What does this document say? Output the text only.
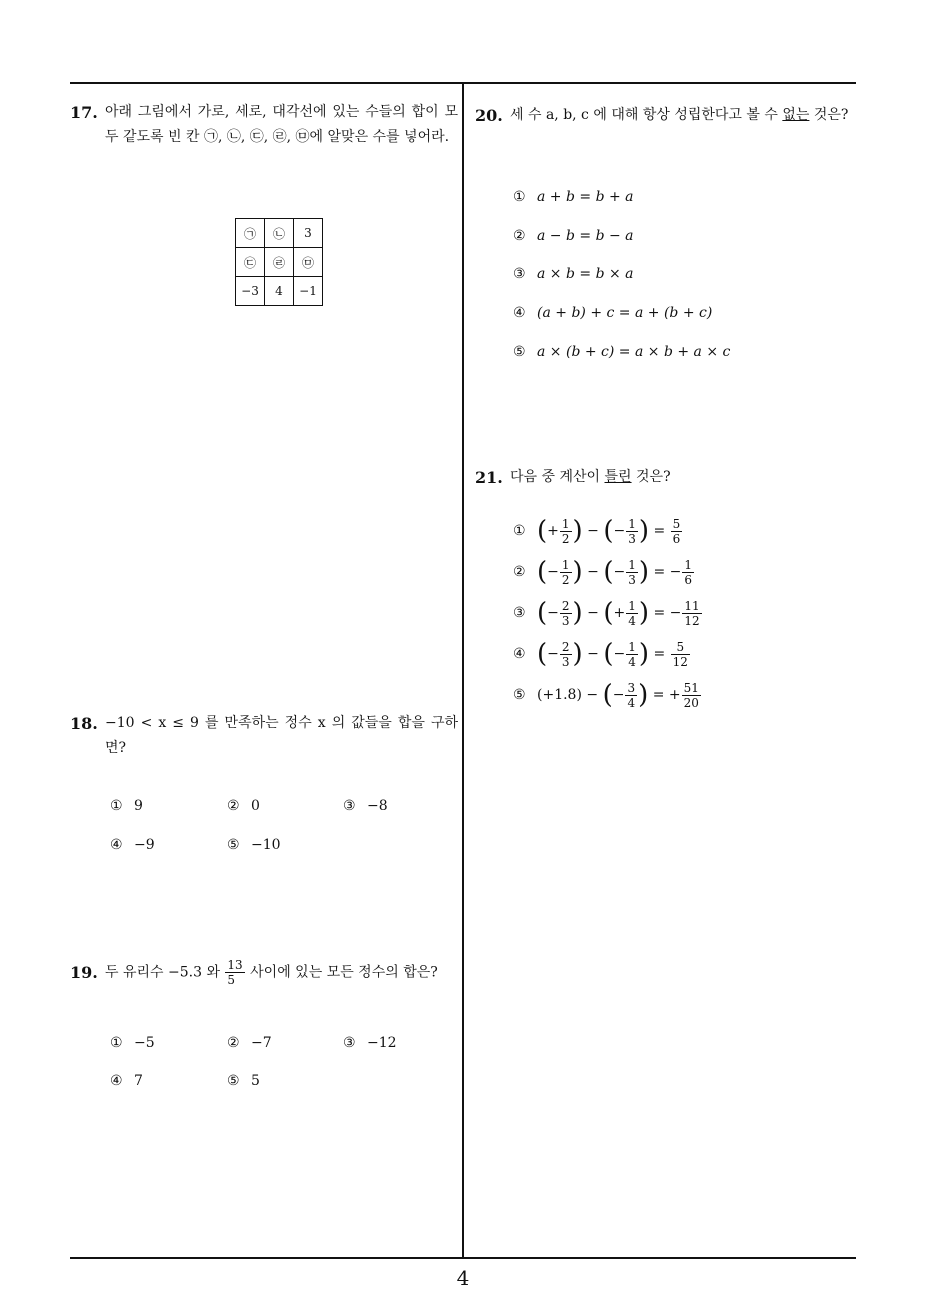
17. 아래 그림에서 가로, 세로, 대각선에 있는 수들의 합이 모두 같도록 빈 칸 ㉠, ㉡, ㉢, ㉣, ㉤에 알맞은 수를 넣어라.
㉠	㉡	3
㉢	㉣	㉤
−3	4	−1
18. −10 < x ≤ 9 를 만족하는 정수 x 의 값들을 합을 구하면?
① 9	② 0	③ −8
④ −9	⑤ −10
19. 두 유리수 −5.3 와 $\frac{13}{5}$ 사이에 있는 모든 정수의 합은?
① −5	② −7	③ −12
④ 7	⑤ 5
20. 세 수 a, b, c 에 대해 항상 성립한다고 볼 수 없는 것은?
① a + b = b + a
② a − b = b − a
③ a × b = b × a
④ (a + b) + c = a + (b + c)
⑤ a × (b + c) = a × b + a × c
21. 다음 중 계산이 틀린 것은?
① ( + $\frac{1}{2}$ ) − ( − $\frac{1}{3}$ ) = $\frac{5}{6}$
② ( − $\frac{1}{2}$ ) − ( − $\frac{1}{3}$ ) = − $\frac{1}{6}$
③ ( − $\frac{2}{3}$ ) − ( + $\frac{1}{4}$ ) = − $\frac{11}{12}$
④ ( − $\frac{2}{3}$ ) − ( − $\frac{1}{4}$ ) = $\frac{5}{12}$
⑤ (+1.8) − ( − $\frac{3}{4}$ ) = + $\frac{51}{20}$
4
